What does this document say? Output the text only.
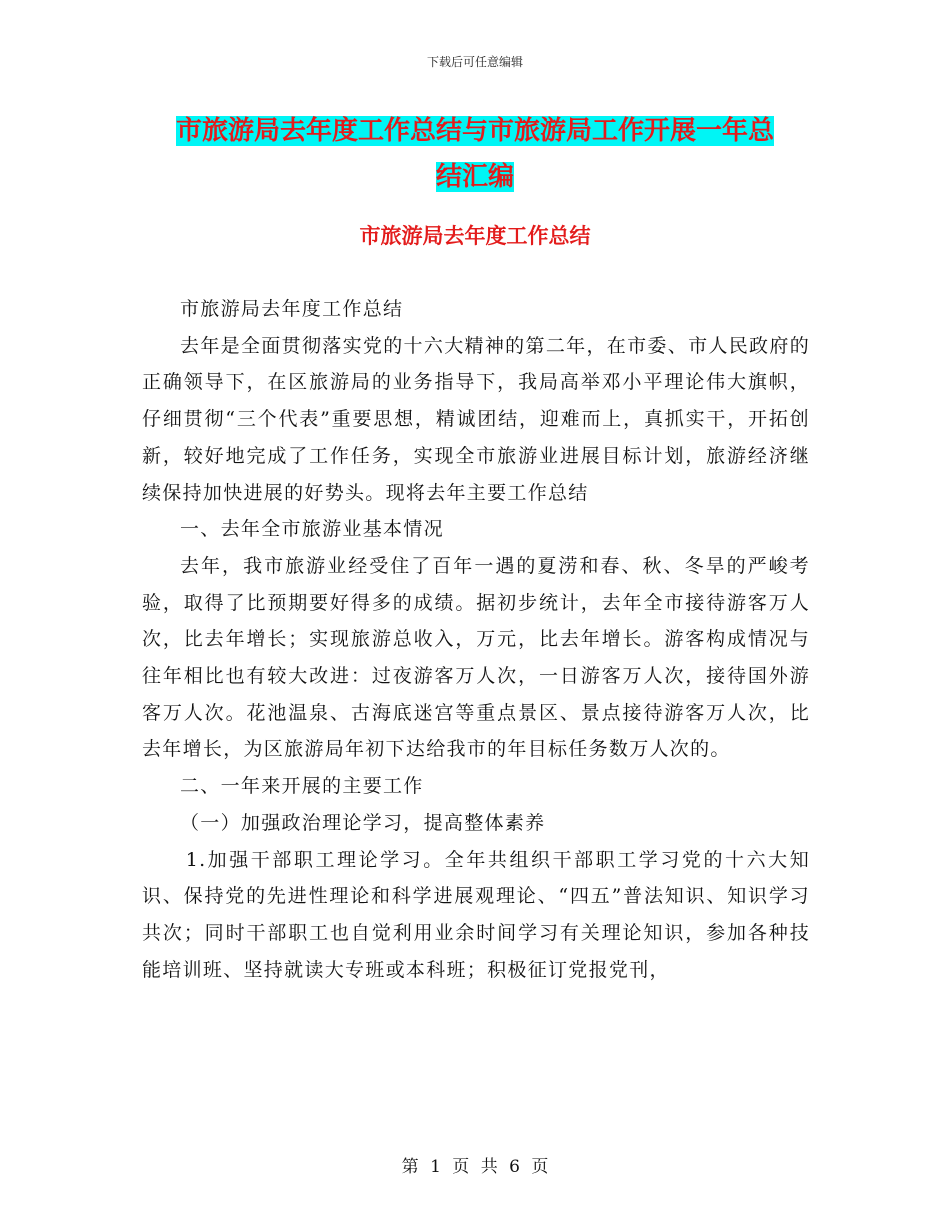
下载后可任意编辑
市旅游局去年度工作总结与市旅游局工作开展一年总
结汇编
市旅游局去年度工作总结

市旅游局去年度工作总结

去年是全面贯彻落实党的十六大精神的第二年，在市委、市人民政府的正确领导下，在区旅游局的业务指导下，我局高举邓小平理论伟大旗帜，仔细贯彻“三个代表”重要思想，精诚团结，迎难而上，真抓实干，开拓创新，较好地完成了工作任务，实现全市旅游业进展目标计划，旅游经济继续保持加快进展的好势头。现将去年主要工作总结

一、去年全市旅游业基本情况

去年，我市旅游业经受住了百年一遇的夏涝和春、秋、冬旱的严峻考验，取得了比预期要好得多的成绩。据初步统计，去年全市接待游客万人次，比去年增长；实现旅游总收入，万元，比去年增长。游客构成情况与往年相比也有较大改进：过夜游客万人次，一日游客万人次，接待国外游客万人次。花池温泉、古海底迷宫等重点景区、景点接待游客万人次，比去年增长，为区旅游局年初下达给我市的年目标任务数万人次的。

二、一年来开展的主要工作

（一）加强政治理论学习，提高整体素养

1.加强干部职工理论学习。全年共组织干部职工学习党的十六大知识、保持党的先进性理论和科学进展观理论、“四五”普法知识、知识学习共次；同时干部职工也自觉利用业余时间学习有关理论知识，参加各种技能培训班、坚持就读大专班或本科班；积极征订党报党刊，

第 1 页 共 6 页
